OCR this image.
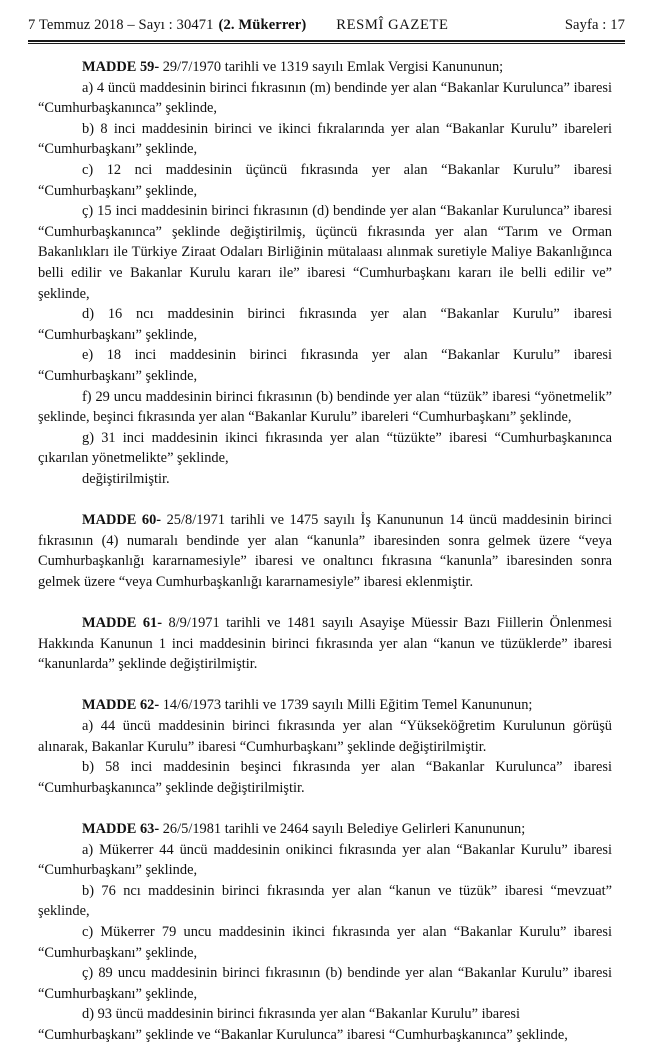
7 Temmuz 2018 – Sayı : 30471 (2. Mükerrer) RESMÎ GAZETE	Sayfa : 17

MADDE 59- 29/7/1970 tarihli ve 1319 sayılı Emlak Vergisi Kanununun;

a) 4 üncü maddesinin birinci fıkrasının (m) bendinde yer alan “Bakanlar Kurulunca” ibaresi “Cumhurbaşkanınca” şeklinde,

b) 8 inci maddesinin birinci ve ikinci fıkralarında yer alan “Bakanlar Kurulu” ibareleri “Cumhurbaşkanı” şeklinde,

c) 12 nci maddesinin üçüncü fıkrasında yer alan “Bakanlar Kurulu” ibaresi “Cumhurbaşkanı” şeklinde,

ç) 15 inci maddesinin birinci fıkrasının (d) bendinde yer alan “Bakanlar Kurulunca” ibaresi “Cumhurbaşkanınca” şeklinde değiştirilmiş, üçüncü fıkrasında yer alan “Tarım ve Orman Bakanlıkları ile Türkiye Ziraat Odaları Birliğinin mütalaası alınmak suretiyle Maliye Bakanlığınca belli edilir ve Bakanlar Kurulu kararı ile” ibaresi “Cumhurbaşkanı kararı ile belli edilir ve” şeklinde,

d) 16 ncı maddesinin birinci fıkrasında yer alan “Bakanlar Kurulu” ibaresi “Cumhurbaşkanı” şeklinde,

e) 18 inci maddesinin birinci fıkrasında yer alan “Bakanlar Kurulu” ibaresi “Cumhurbaşkanı” şeklinde,

f) 29 uncu maddesinin birinci fıkrasının (b) bendinde yer alan “tüzük” ibaresi “yönetmelik” şeklinde, beşinci fıkrasında yer alan “Bakanlar Kurulu” ibareleri “Cumhurbaşkanı” şeklinde,

g) 31 inci maddesinin ikinci fıkrasında yer alan “tüzükte” ibaresi “Cumhurbaşkanınca çıkarılan yönetmelikte” şeklinde,

değiştirilmiştir.

MADDE 60- 25/8/1971 tarihli ve 1475 sayılı İş Kanununun 14 üncü maddesinin birinci fıkrasının (4) numaralı bendinde yer alan “kanunla” ibaresinden sonra gelmek üzere “veya Cumhurbaşkanlığı kararnamesiyle” ibaresi ve onaltıncı fıkrasına “kanunla” ibaresinden sonra gelmek üzere “veya Cumhurbaşkanlığı kararnamesiyle” ibaresi eklenmiştir.

MADDE 61- 8/9/1971 tarihli ve 1481 sayılı Asayişe Müessir Bazı Fiillerin Önlenmesi Hakkında Kanunun 1 inci maddesinin birinci fıkrasında yer alan “kanun ve tüzüklerde” ibaresi “kanunlarda” şeklinde değiştirilmiştir.

MADDE 62- 14/6/1973 tarihli ve 1739 sayılı Milli Eğitim Temel Kanununun;

a) 44 üncü maddesinin birinci fıkrasında yer alan “Yükseköğretim Kurulunun görüşü alınarak, Bakanlar Kurulu” ibaresi “Cumhurbaşkanı” şeklinde değiştirilmiştir.

b) 58 inci maddesinin beşinci fıkrasında yer alan “Bakanlar Kurulunca” ibaresi “Cumhurbaşkanınca” şeklinde değiştirilmiştir.

MADDE 63- 26/5/1981 tarihli ve 2464 sayılı Belediye Gelirleri Kanununun;

a) Mükerrer 44 üncü maddesinin onikinci fıkrasında yer alan “Bakanlar Kurulu” ibaresi “Cumhurbaşkanı” şeklinde,

b) 76 ncı maddesinin birinci fıkrasında yer alan “kanun ve tüzük” ibaresi “mevzuat” şeklinde,

c) Mükerrer 79 uncu maddesinin ikinci fıkrasında yer alan “Bakanlar Kurulu” ibaresi “Cumhurbaşkanı” şeklinde,

ç) 89 uncu maddesinin birinci fıkrasının (b) bendinde yer alan “Bakanlar Kurulu” ibaresi “Cumhurbaşkanı” şeklinde,

d) 93 üncü maddesinin birinci fıkrasında yer alan “Bakanlar Kurulu” ibaresi “Cumhurbaşkanı” şeklinde ve “Bakanlar Kurulunca” ibaresi “Cumhurbaşkanınca” şeklinde,
